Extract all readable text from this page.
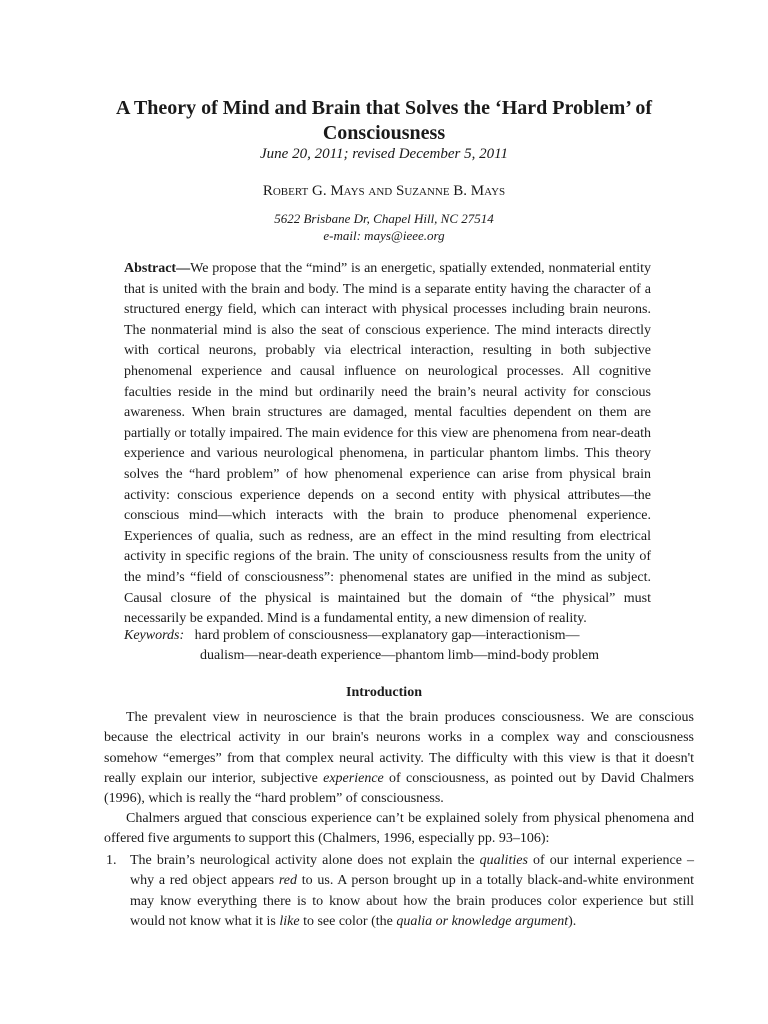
A Theory of Mind and Brain that Solves the ‘Hard Problem’ of Consciousness
June 20, 2011; revised December 5, 2011
Robert G. Mays and Suzanne B. Mays
5622 Brisbane Dr, Chapel Hill, NC 27514
e-mail: mays@ieee.org

Abstract—We propose that the “mind” is an energetic, spatially extended, nonmaterial entity that is united with the brain and body. The mind is a separate entity having the character of a structured energy field, which can interact with physical processes including brain neurons. The nonmaterial mind is also the seat of conscious experience. The mind interacts directly with cortical neurons, probably via electrical interaction, resulting in both subjective phenomenal experience and causal influence on neurological processes. All cognitive faculties reside in the mind but ordinarily need the brain’s neural activity for conscious awareness. When brain structures are damaged, mental faculties dependent on them are partially or totally impaired. The main evidence for this view are phenomena from near-death experience and various neurological phenomena, in particular phantom limbs. This theory solves the “hard problem” of how phenomenal experience can arise from physical brain activity: conscious experience depends on a second entity with physical attributes—the conscious mind—which interacts with the brain to produce phenomenal experience. Experiences of qualia, such as redness, are an effect in the mind resulting from electrical activity in specific regions of the brain. The unity of consciousness results from the unity of the mind’s “field of consciousness”: phenomenal states are unified in the mind as subject. Causal closure of the physical is maintained but the domain of “the physical” must necessarily be expanded. Mind is a fundamental entity, a new dimension of reality.

Keywords: hard problem of consciousness—explanatory gap—interactionism—
dualism—near-death experience—phantom limb—mind-body problem
Introduction

The prevalent view in neuroscience is that the brain produces consciousness. We are conscious because the electrical activity in our brain's neurons works in a complex way and consciousness somehow “emerges” from that complex neural activity. The difficulty with this view is that it doesn't really explain our interior, subjective experience of consciousness, as pointed out by David Chalmers (1996), which is really the “hard problem” of consciousness.

Chalmers argued that conscious experience can’t be explained solely from physical phenomena and offered five arguments to support this (Chalmers, 1996, especially pp. 93–106):

1. The brain’s neurological activity alone does not explain the qualities of our internal experience – why a red object appears red to us. A person brought up in a totally black-and-white environment may know everything there is to know about how the brain produces color experience but still would not know what it is like to see color (the qualia or knowledge argument).
